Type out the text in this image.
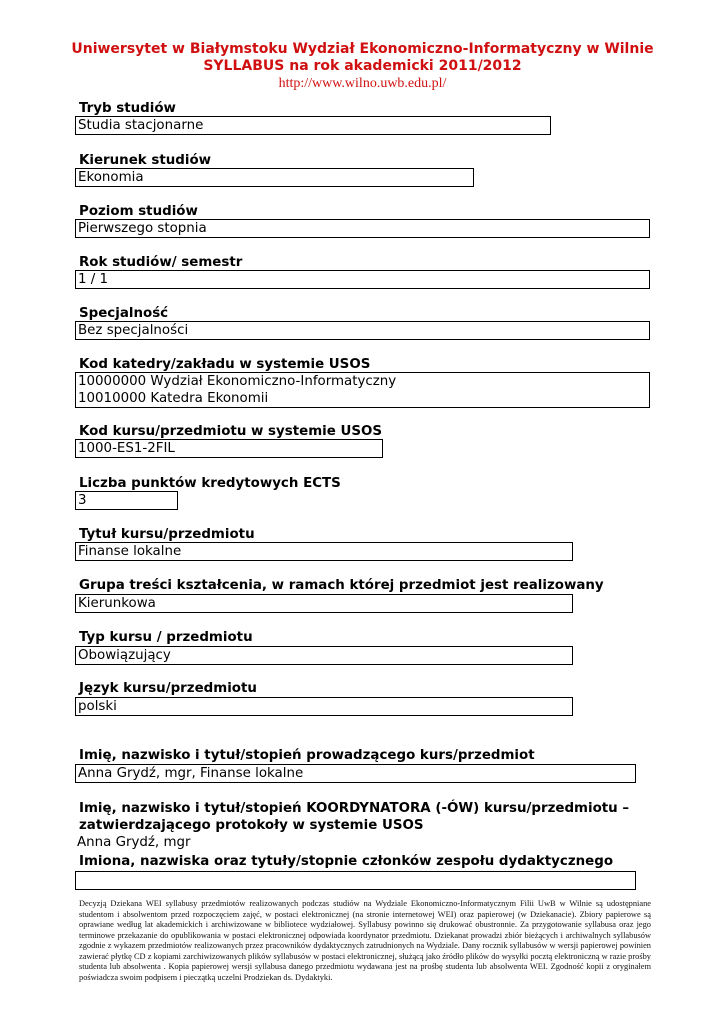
Uniwersytet w Białymstoku Wydział Ekonomiczno-Informatyczny w Wilnie
SYLLABUS na rok akademicki 2011/2012
http://www.wilno.uwb.edu.pl/
Tryb studiów
Studia stacjonarne
Kierunek studiów
Ekonomia
Poziom studiów
Pierwszego stopnia
Rok studiów/ semestr
1 / 1
Specjalność
Bez specjalności
Kod katedry/zakładu w systemie USOS
10000000 Wydział Ekonomiczno-Informatyczny
10010000 Katedra Ekonomii
Kod kursu/przedmiotu w systemie USOS
1000-ES1-2FIL
Liczba punktów kredytowych ECTS
3
Tytuł kursu/przedmiotu
Finanse lokalne
Grupa treści kształcenia, w ramach której przedmiot jest realizowany
Kierunkowa
Typ kursu / przedmiotu
Obowiązujący
Język kursu/przedmiotu
polski
Imię, nazwisko i tytuł/stopień prowadzącego kurs/przedmiot
Anna Grydź, mgr, Finanse lokalne
Imię, nazwisko i tytuł/stopień KOORDYNATORA (-ÓW) kursu/przedmiotu –
zatwierdzającego protokoły w systemie USOS
Anna Grydź, mgr
Imiona, nazwiska oraz tytuły/stopnie członków zespołu dydaktycznego
Decyzją Dziekana WEI syllabusy przedmiotów realizowanych podczas studiów na Wydziale Ekonomiczno-Informatycznym Filii UwB w Wilnie są udostępniane studentom i absolwentom przed rozpoczęciem zajęć, w postaci elektronicznej (na stronie internetowej WEI) oraz papierowej (w Dziekanacie). Zbiory papierowe są oprawiane według lat akademickich i archiwizowane w bibliotece wydziałowej. Syllabusy powinno się drukować obustronnie. Za przygotowanie syllabusa oraz jego terminowe przekazanie do opublikowania w postaci elektronicznej odpowiada koordynator przedmiotu. Dziekanat prowadzi zbiór bieżących i archiwalnych syllabusów zgodnie z wykazem przedmiotów realizowanych przez pracowników dydaktycznych zatrudnionych na Wydziale. Dany rocznik syllabusów w wersji papierowej powinien zawierać płytkę CD z kopiami zarchiwizowanych plików syllabusów w postaci elektronicznej, służącą jako źródło plików do wysyłki pocztą elektroniczną w razie prośby studenta lub absolwenta . Kopia papierowej wersji syllabusa danego przedmiotu wydawana jest na prośbę studenta lub absolwenta WEI. Zgodność kopii z oryginałem poświadcza swoim podpisem i pieczątką uczelni Prodziekan ds. Dydaktyki.
